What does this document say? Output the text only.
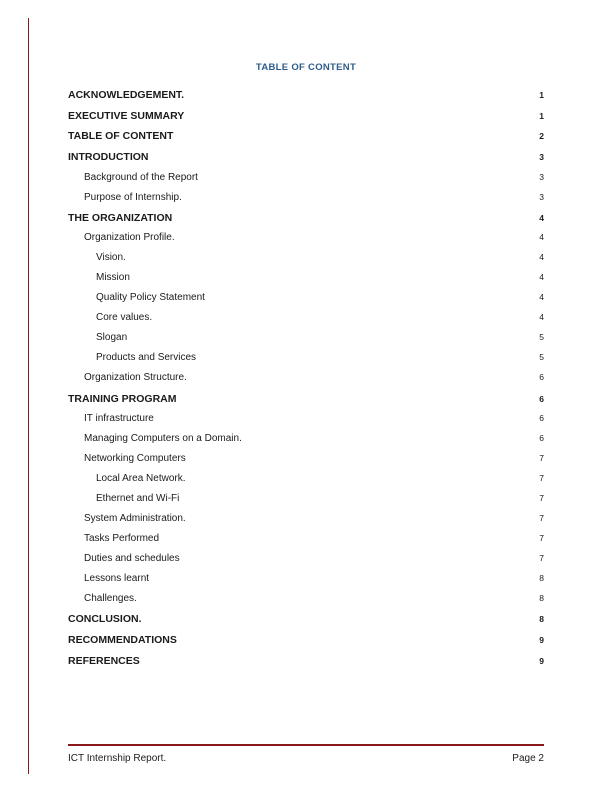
TABLE OF CONTENT
ACKNOWLEDGEMENT.	1
EXECUTIVE SUMMARY	1
TABLE OF CONTENT	2
INTRODUCTION	3
Background of the Report	3
Purpose of Internship.	3
THE ORGANIZATION	4
Organization Profile.	4
Vision.	4
Mission	4
Quality Policy Statement	4
Core values.	4
Slogan	5
Products and Services	5
Organization Structure.	6
TRAINING PROGRAM	6
IT infrastructure	6
Managing Computers on a Domain.	6
Networking Computers	7
Local Area Network.	7
Ethernet and Wi-Fi	7
System Administration.	7
Tasks Performed	7
Duties and schedules	7
Lessons learnt	8
Challenges.	8
CONCLUSION.	8
RECOMMENDATIONS	9
REFERENCES	9
ICT Internship Report.	Page 2
